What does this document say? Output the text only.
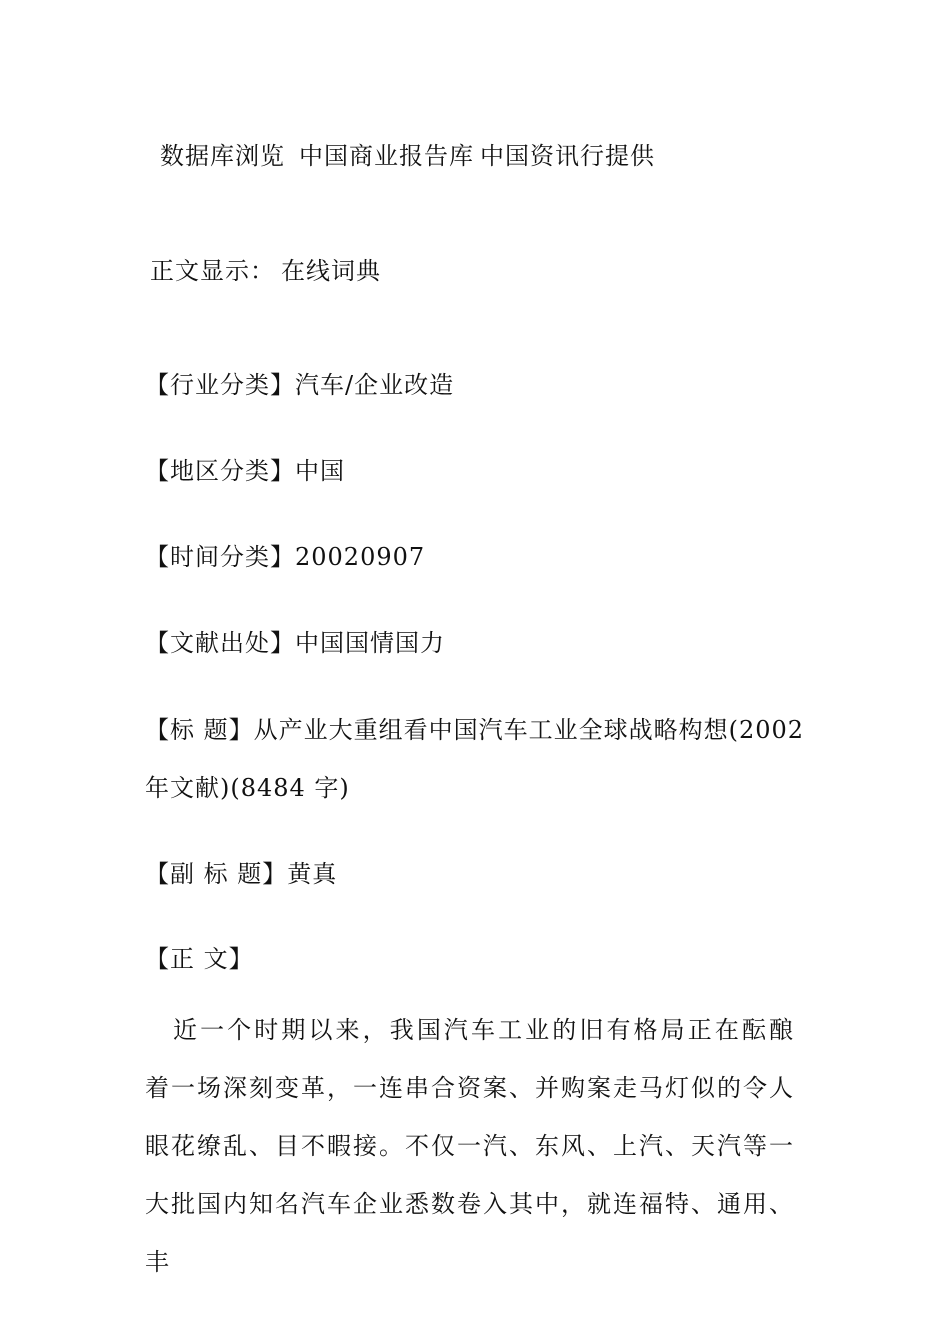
数据库浏览 中国商业报告库 中国资讯行提供
正文显示： 在线词典
【行业分类】汽车/企业改造
【地区分类】中国
【时间分类】20020907
【文献出处】中国国情国力
【标 题】从产业大重组看中国汽车工业全球战略构想(2002
年文献)(8484 字)
【副 标 题】黄真
【正 文】
近一个时期以来，我国汽车工业的旧有格局正在酝酿着一场深刻变革，一连串合资案、并购案走马灯似的令人眼花缭乱、目不暇接。不仅一汽、东风、上汽、天汽等一大批国内知名汽车企业悉数卷入其中，就连福特、通用、丰
